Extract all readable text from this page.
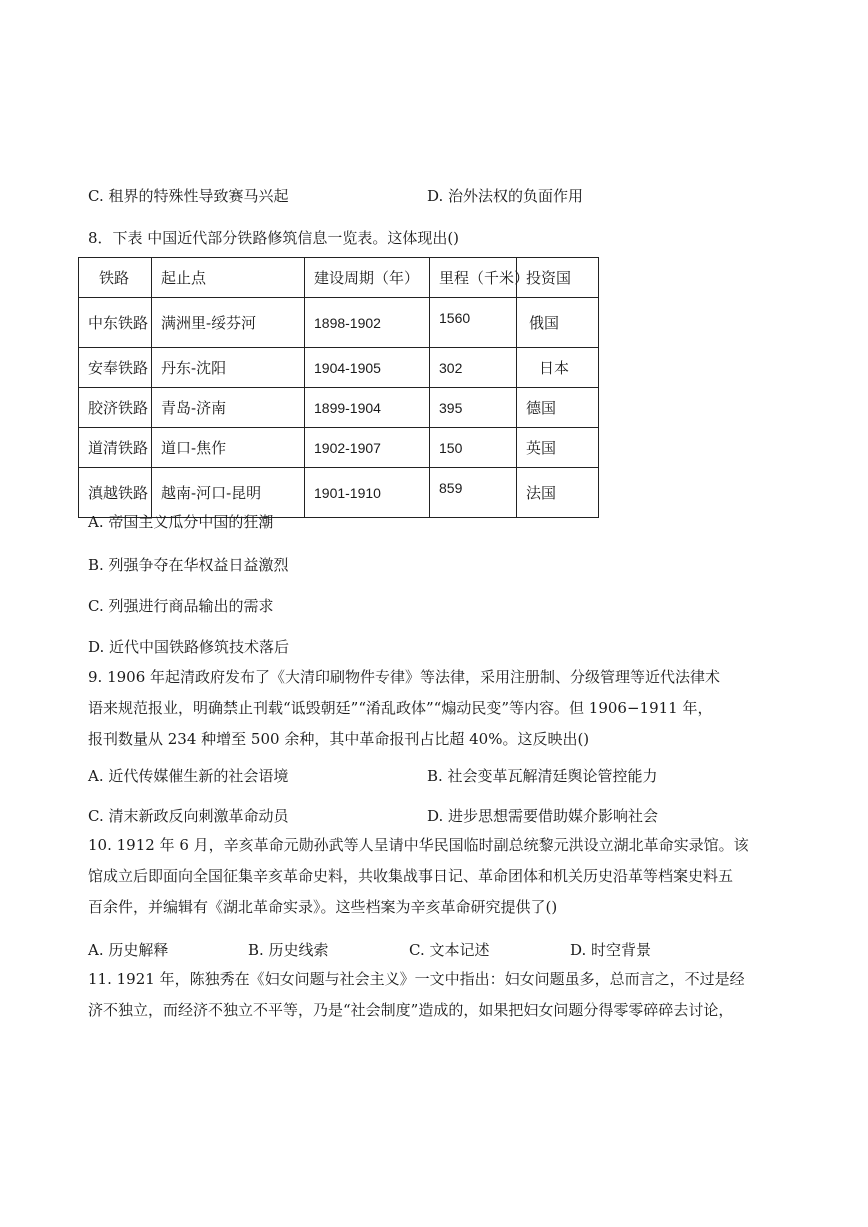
C. 租界的特殊性导致赛马兴起	D. 治外法权的负面作用
8．下表 中国近代部分铁路修筑信息一览表。这体现出()
铁路	起止点	建设周期（年）	里程（千米）	投资国
中东铁路	满洲里-绥芬河	1898-1902	1560	俄国
安奉铁路	丹东-沈阳	1904-1905	302	日本
胶济铁路	青岛-济南	1899-1904	395	德国
道清铁路	道口-焦作	1902-1907	150	英国
滇越铁路	越南-河口-昆明	1901-1910	859	法国
A. 帝国主义瓜分中国的狂潮
B. 列强争夺在华权益日益激烈
C. 列强进行商品输出的需求
D. 近代中国铁路修筑技术落后
9. 1906 年起清政府发布了《大清印刷物件专律》等法律，采用注册制、分级管理等近代法律术
语来规范报业，明确禁止刊载“诋毁朝廷”“淆乱政体”“煽动民变”等内容。但 1906−1911 年，
报刊数量从 234 种增至 500 余种，其中革命报刊占比超 40%。这反映出()
A. 近代传媒催生新的社会语境	B. 社会变革瓦解清廷舆论管控能力
C. 清末新政反向刺激革命动员	D. 进步思想需要借助媒介影响社会
10. 1912 年 6 月，辛亥革命元勋孙武等人呈请中华民国临时副总统黎元洪设立湖北革命实录馆。该
馆成立后即面向全国征集辛亥革命史料，共收集战事日记、革命团体和机关历史沿革等档案史料五
百余件，并编辑有《湖北革命实录》。这些档案为辛亥革命研究提供了()
A. 历史解释	B. 历史线索	C. 文本记述	D. 时空背景
11. 1921 年，陈独秀在《妇女问题与社会主义》一文中指出：妇女问题虽多，总而言之，不过是经
济不独立，而经济不独立不平等，乃是“社会制度”造成的，如果把妇女问题分得零零碎碎去讨论，
